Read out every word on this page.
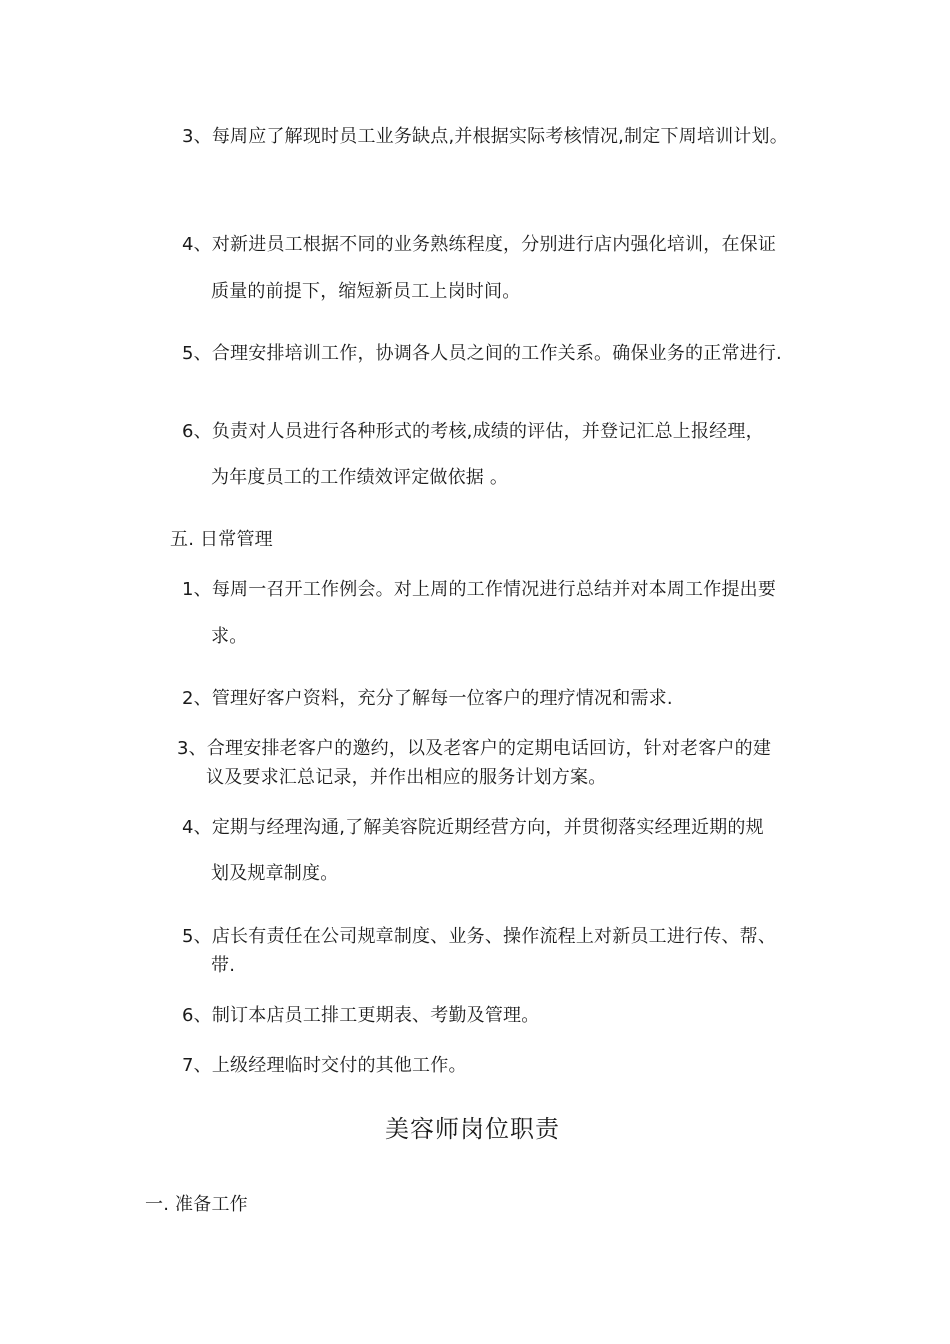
3、每周应了解现时员工业务缺点,并根据实际考核情况,制定下周培训计划。
4、对新进员工根据不同的业务熟练程度，分别进行店内强化培训，在保证
质量的前提下，缩短新员工上岗时间。
5、合理安排培训工作，协调各人员之间的工作关系。确保业务的正常进行.
6、负责对人员进行各种形式的考核,成绩的评估，并登记汇总上报经理，
为年度员工的工作绩效评定做依据 。
五. 日常管理
1、每周一召开工作例会。对上周的工作情况进行总结并对本周工作提出要
求。
2、管理好客户资料，充分了解每一位客户的理疗情况和需求.
3、合理安排老客户的邀约，以及老客户的定期电话回访，针对老客户的建
议及要求汇总记录，并作出相应的服务计划方案。
4、定期与经理沟通,了解美容院近期经营方向，并贯彻落实经理近期的规
划及规章制度。
5、店长有责任在公司规章制度、业务、操作流程上对新员工进行传、帮、
带.
6、制订本店员工排工更期表、考勤及管理。
7、上级经理临时交付的其他工作。
美容师岗位职责
一. 准备工作
